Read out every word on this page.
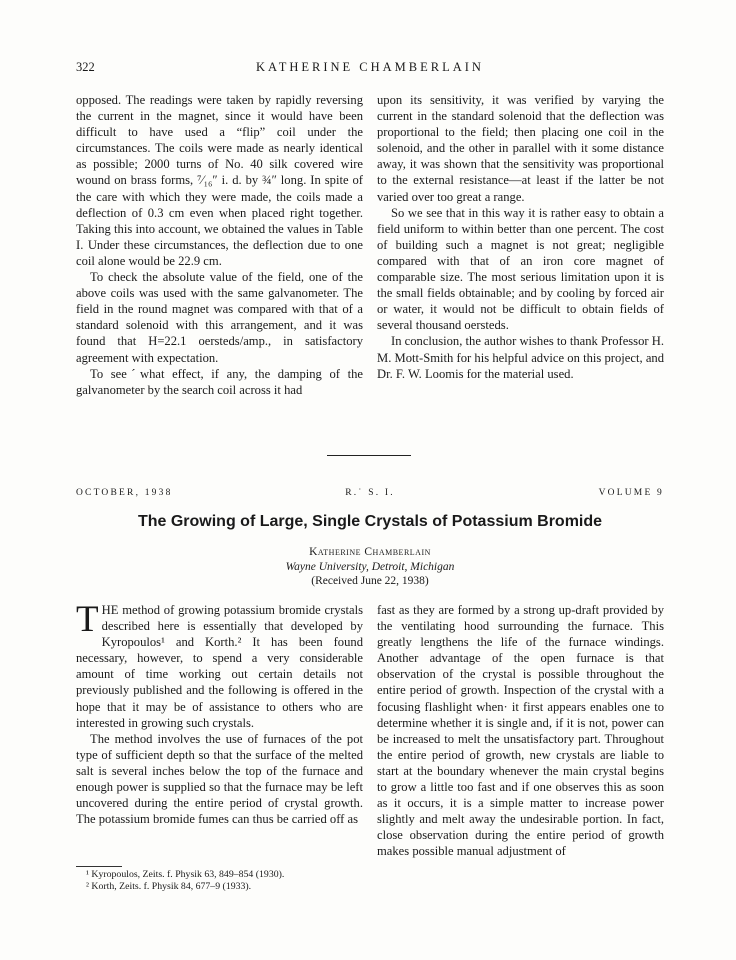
322	KATHERINE CHAMBERLAIN

opposed. The readings were taken by rapidly reversing the current in the magnet, since it would have been difficult to have used a “flip” coil under the circumstances. The coils were made as nearly identical as possible; 2000 turns of No. 40 silk covered wire wound on brass forms, ⁷⁄₁₆″ i. d. by ¾″ long. In spite of the care with which they were made, the coils made a deflection of 0.3 cm even when placed right together. Taking this into account, we obtained the values in Table I. Under these circumstances, the deflection due to one coil alone would be 22.9 cm.

To check the absolute value of the field, one of the above coils was used with the same galvanometer. The field in the round magnet was compared with that of a standard solenoid with this arrangement, and it was found that H=22.1 oersteds/amp., in satisfactory agreement with expectation.

To seeˊwhat effect, if any, the damping of the galvanometer by the search coil across it had

upon its sensitivity, it was verified by varying the current in the standard solenoid that the deflection was proportional to the field; then placing one coil in the solenoid, and the other in parallel with it some distance away, it was shown that the sensitivity was proportional to the external resistance—at least if the latter be not varied over too great a range.

So we see that in this way it is rather easy to obtain a field uniform to within better than one percent. The cost of building such a magnet is not great; negligible compared with that of an iron core magnet of comparable size. The most serious limitation upon it is the small fields obtainable; and by cooling by forced air or water, it would not be difficult to obtain fields of several thousand oersteds.

In conclusion, the author wishes to thank Professor H. M. Mott-Smith for his helpful advice on this project, and Dr. F. W. Loomis for the material used.

OCTOBER, 1938	R.˙ S. I.	VOLUME 9
The Growing of Large, Single Crystals of Potassium Bromide
Katherine Chamberlain
Wayne University, Detroit, Michigan
(Received June 22, 1938)

THE method of growing potassium bromide crystals described here is essentially that developed by Kyropoulos¹ and Korth.² It has been found necessary, however, to spend a very considerable amount of time working out certain details not previously published and the following is offered in the hope that it may be of assistance to others who are interested in growing such crystals.

The method involves the use of furnaces of the pot type of sufficient depth so that the surface of the melted salt is several inches below the top of the furnace and enough power is supplied so that the furnace may be left uncovered during the entire period of crystal growth. The potassium bromide fumes can thus be carried off as

fast as they are formed by a strong up-draft provided by the ventilating hood surrounding the furnace. This greatly lengthens the life of the furnace windings. Another advantage of the open furnace is that observation of the crystal is possible throughout the entire period of growth. Inspection of the crystal with a focusing flashlight when· it first appears enables one to determine whether it is single and, if it is not, power can be increased to melt the unsatisfactory part. Throughout the entire period of growth, new crystals are liable to start at the boundary whenever the main crystal begins to grow a little too fast and if one observes this as soon as it occurs, it is a simple matter to increase power slightly and melt away the undesirable portion. In fact, close observation during the entire period of growth makes possible manual adjustment of

¹ Kyropoulos, Zeits. f. Physik 63, 849–854 (1930).
² Korth, Zeits. f. Physik 84, 677–9 (1933).
